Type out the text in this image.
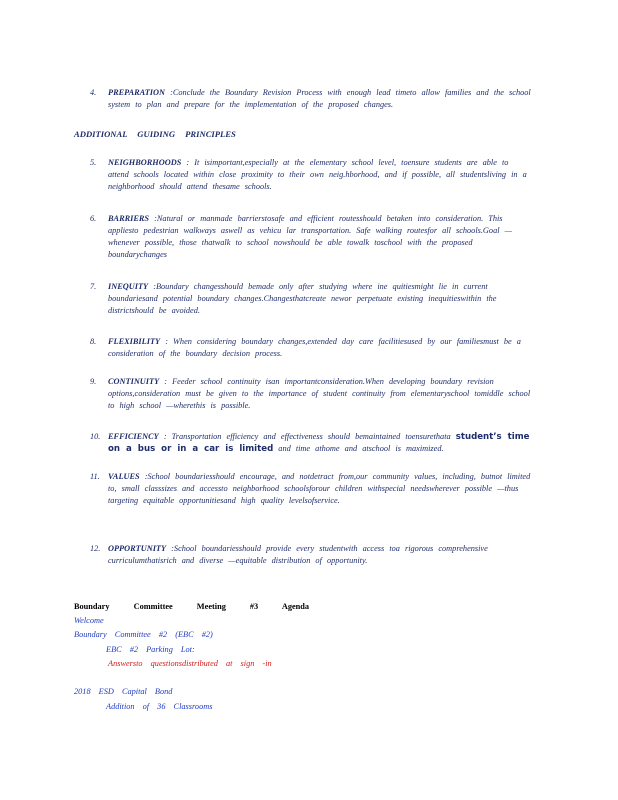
4.	PREPARATION :Conclude the Boundary Revision Process with enough lead timeto allow families and the school system to plan and prepare for the implementation of the proposed changes.
ADDITIONAL GUIDING PRINCIPLES
5.	NEIGHBORHOODS : It isimportant,especially at the elementary school level, toensure students are able to attend schools located within close proximity to their own neig.hborhood, and if possible, all studentsliving in a neighborhood should attend thesame schools.
6.	BARRIERS :Natural or manmade barrierstosafe and efficient routesshould betaken into consideration. This appliesto pedestrian walkways aswell as vehicu lar transportation. Safe walking routesfor all schools.Goal —whenever possible, those thatwalk to school nowshould be able towalk toschool with the proposed boundarychanges
7.	INEQUITY :Boundary changesshould bemade only after studying where ine quitiesmight lie in current boundariesand potential boundary changes.Changesthatcreate newor perpetuate existing inequitieswithin the districtshould be avoided.
8.	FLEXIBILITY : When considering boundary changes,extended day care facilitiesused by our familiesmust be a consideration of the boundary decision process.
9.	CONTINUITY : Feeder school continuity isan importantconsideration.When developing boundary revision options,consideration must be given to the importance of student continuity from elementaryschool tomiddle school to high school —wherethis is possible.
10. EFFICIENCY : Transportation efficiency and effectiveness should bemaintained toensurethata student’s time on a bus or in a car is limited and time athome and atschool is maximized.
11. VALUES :School boundariesshould encourage, and notdetract from,our community values, including, butnot limited to, small classsizes and accessto neighborhood schoolsforour children withspecial needswherever possible —thus targeting equitable opportunitiesand high quality levelsofservice.
12. OPPORTUNITY :School boundariesshould provide every studentwith access toa rigorous comprehensive curriculumthatisrich and diverse —equitable distribution of opportunity.
Boundary Committee Meeting #3 Agenda
Welcome
Boundary Committee #2 (EBC #2)
EBC #2 Parking Lot:
Answersto questionsdistributed at sign -in
2018 ESD Capital Bond
Addition of 36 Classrooms
